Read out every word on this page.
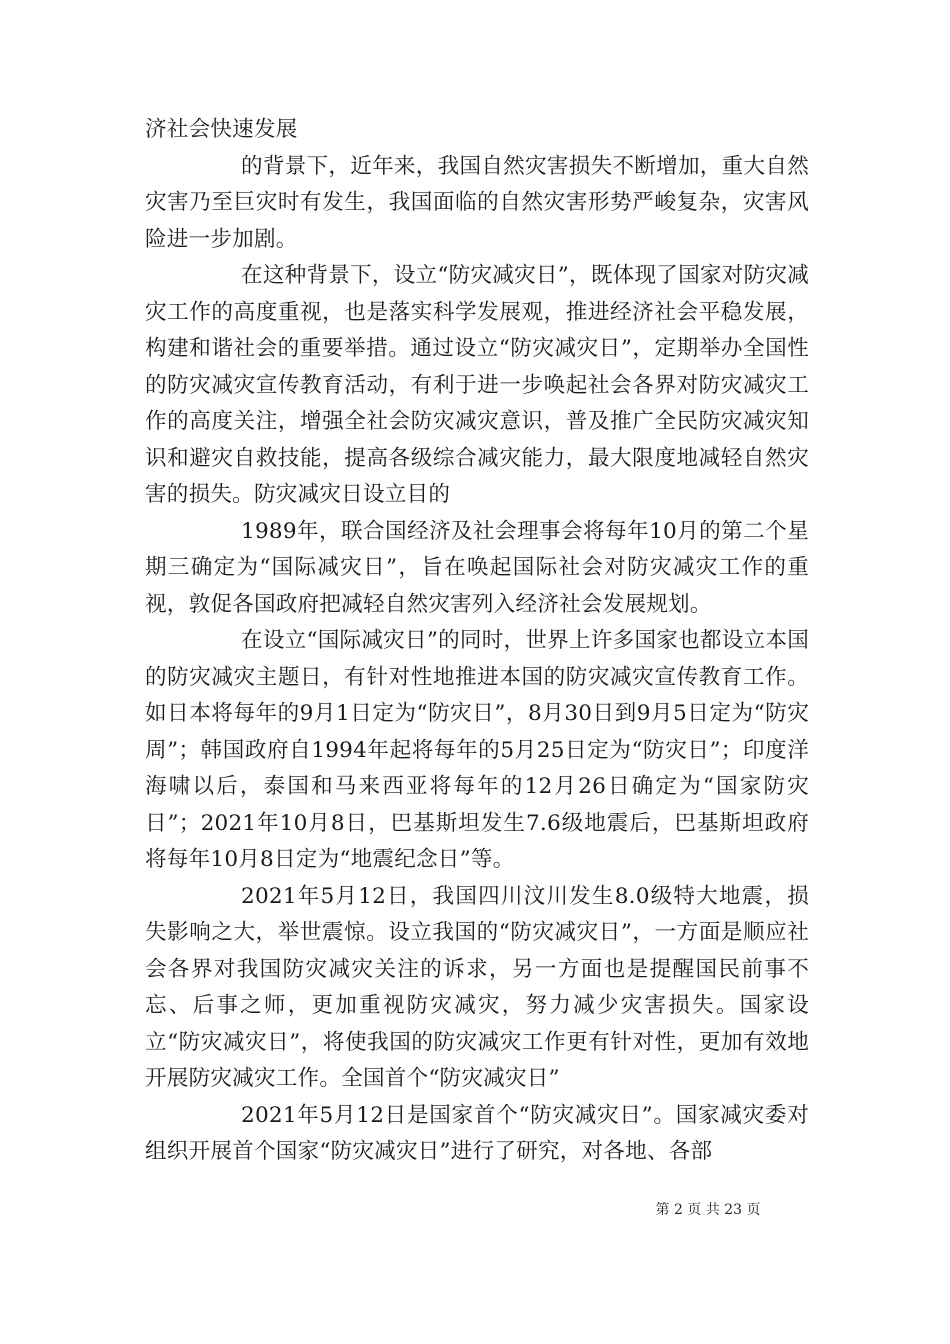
济社会快速发展

的背景下，近年来，我国自然灾害损失不断增加，重大自然灾害乃至巨灾时有发生，我国面临的自然灾害形势严峻复杂，灾害风险进一步加剧。

在这种背景下，设立“防灾减灾日”，既体现了国家对防灾减灾工作的高度重视，也是落实科学发展观，推进经济社会平稳发展，构建和谐社会的重要举措。通过设立“防灾减灾日”，定期举办全国性的防灾减灾宣传教育活动，有利于进一步唤起社会各界对防灾减灾工作的高度关注，增强全社会防灾减灾意识，普及推广全民防灾减灾知识和避灾自救技能，提高各级综合减灾能力，最大限度地减轻自然灾害的损失。防灾减灾日设立目的

1989年，联合国经济及社会理事会将每年10月的第二个星期三确定为“国际减灾日”，旨在唤起国际社会对防灾减灾工作的重视，敦促各国政府把减轻自然灾害列入经济社会发展规划。

在设立“国际减灾日”的同时，世界上许多国家也都设立本国的防灾减灾主题日，有针对性地推进本国的防灾减灾宣传教育工作。如日本将每年的9月1日定为“防灾日”，8月30日到9月5日定为“防灾周”；韩国政府自1994年起将每年的5月25日定为“防灾日”；印度洋海啸以后，泰国和马来西亚将每年的12月26日确定为“国家防灾日”；2021年10月8日，巴基斯坦发生7.6级地震后，巴基斯坦政府将每年10月8日定为“地震纪念日”等。

2021年5月12日，我国四川汶川发生8.0级特大地震，损失影响之大，举世震惊。设立我国的“防灾减灾日”，一方面是顺应社会各界对我国防灾减灾关注的诉求，另一方面也是提醒国民前事不忘、后事之师，更加重视防灾减灾，努力减少灾害损失。国家设立“防灾减灾日”，将使我国的防灾减灾工作更有针对性，更加有效地开展防灾减灾工作。全国首个“防灾减灾日”

2021年5月12日是国家首个“防灾减灾日”。国家减灾委对组织开展首个国家“防灾减灾日”进行了研究，对各地、各部

第 2 页 共 23 页
